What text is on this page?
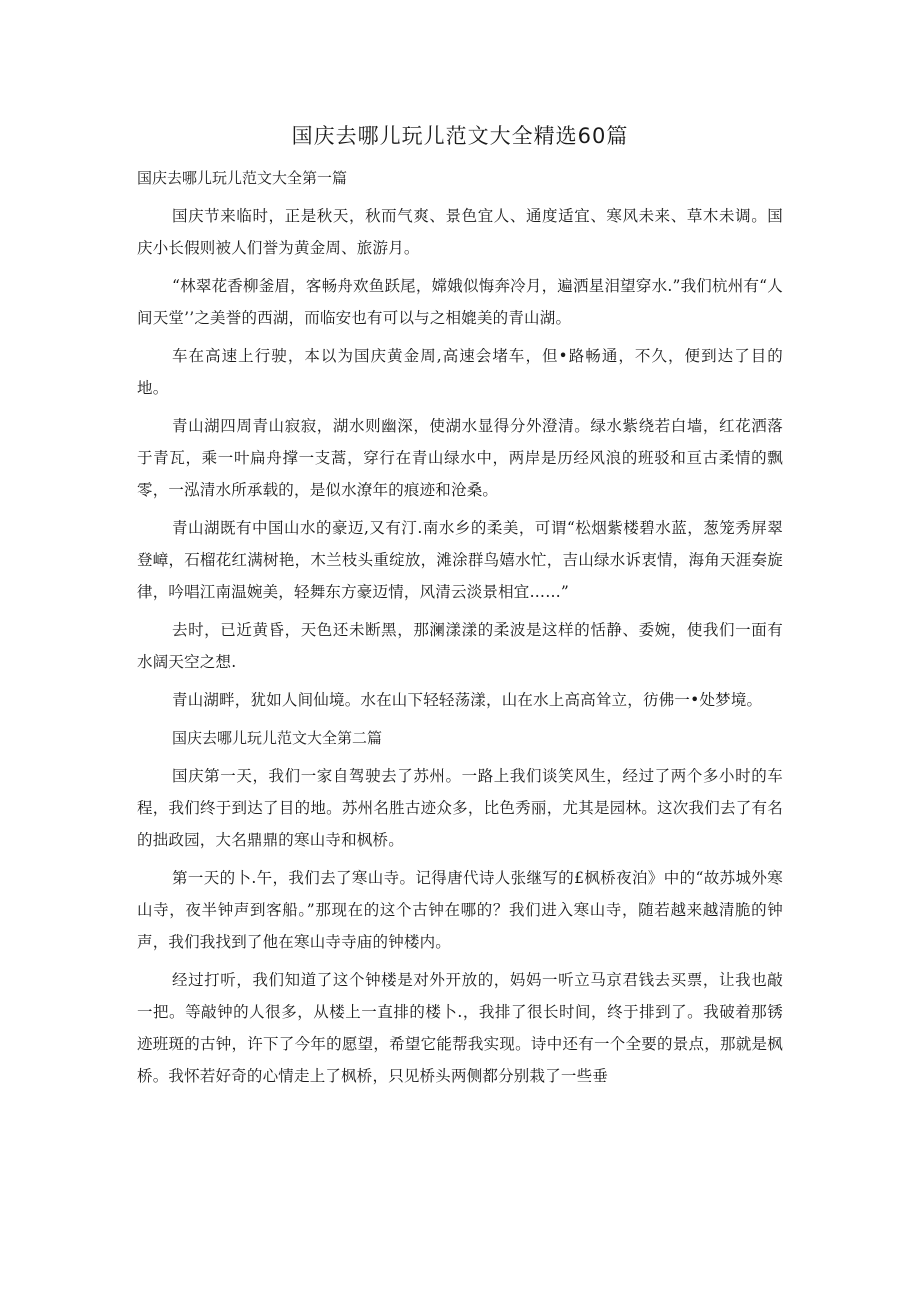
国庆去哪儿玩儿范文大全精选60篇

国庆去哪儿玩儿范文大全第一篇

国庆节来临时，正是秋天，秋而气爽、景色宜人、通度适宜、寒风未来、草木未调。国庆小长假则被人们誉为黄金周、旅游月。

“林翠花香柳釜眉，客畅舟欢鱼跃尾，嫦娥似悔奔冷月，遍洒星泪望穿水.”我们杭州有“人间天堂’’之美誉的西湖，而临安也有可以与之相媲美的青山湖。

车在高速上行驶，本以为国庆黄金周,高速会堵车，但•路畅通，不久，便到达了目的地。

青山湖四周青山寂寂，湖水则幽深，使湖水显得分外澄清。绿水紫绕若白墙，红花洒落于青瓦，乘一叶扁舟撑一支蒿，穿行在青山绿水中，两岸是历经风浪的班驳和亘古柔情的飘零，一泓清水所承载的，是似水潦年的痕迹和沧桑。

青山湖既有中国山水的豪迈,又有汀.南水乡的柔美，可谓“松烟紫楼碧水蓝，葱笼秀屏翠登嶂，石榴花红满树艳，木兰枝头重绽放，滩涂群鸟嬉水忙，吉山绿水诉衷情，海角天涯奏旋律，吟唱江南温婉美，轻舞东方豪迈情，风清云淡景相宜……”

去时，已近黄昏，天色还未断黑，那澜漾漾的柔波是这样的恬静、委婉，使我们一面有水阔天空之想.

青山湖畔，犹如人间仙境。水在山下轻轻荡漾，山在水上高高耸立，彷佛一•处梦境。

国庆去哪儿玩儿范文大全第二篇

国庆第一天，我们一家自驾驶去了苏州。一路上我们谈笑风生，经过了两个多小时的车程，我们终于到达了目的地。苏州名胜古迹众多，比色秀丽，尤其是园林。这次我们去了有名的拙政园，大名鼎鼎的寒山寺和枫桥。

第一天的卜.午，我们去了寒山寺。记得唐代诗人张继写的£枫桥夜泊》中的“故苏城外寒山寺，夜半钟声到客船。”那现在的这个古钟在哪的？我们进入寒山寺，随若越来越清脆的钟声，我们我找到了他在寒山寺寺庙的钟楼内。

经过打听，我们知道了这个钟楼是对外开放的，妈妈一听立马京君钱去买票，让我也敲一把。等敲钟的人很多，从楼上一直排的楼卜.，我排了很长时间，终于排到了。我破着那锈迹班斑的古钟，许下了今年的愿望，希望它能帮我实现。诗中还有一个全要的景点，那就是枫桥。我怀若好奇的心情走上了枫桥，只见桥头两侧都分别栽了一些垂
